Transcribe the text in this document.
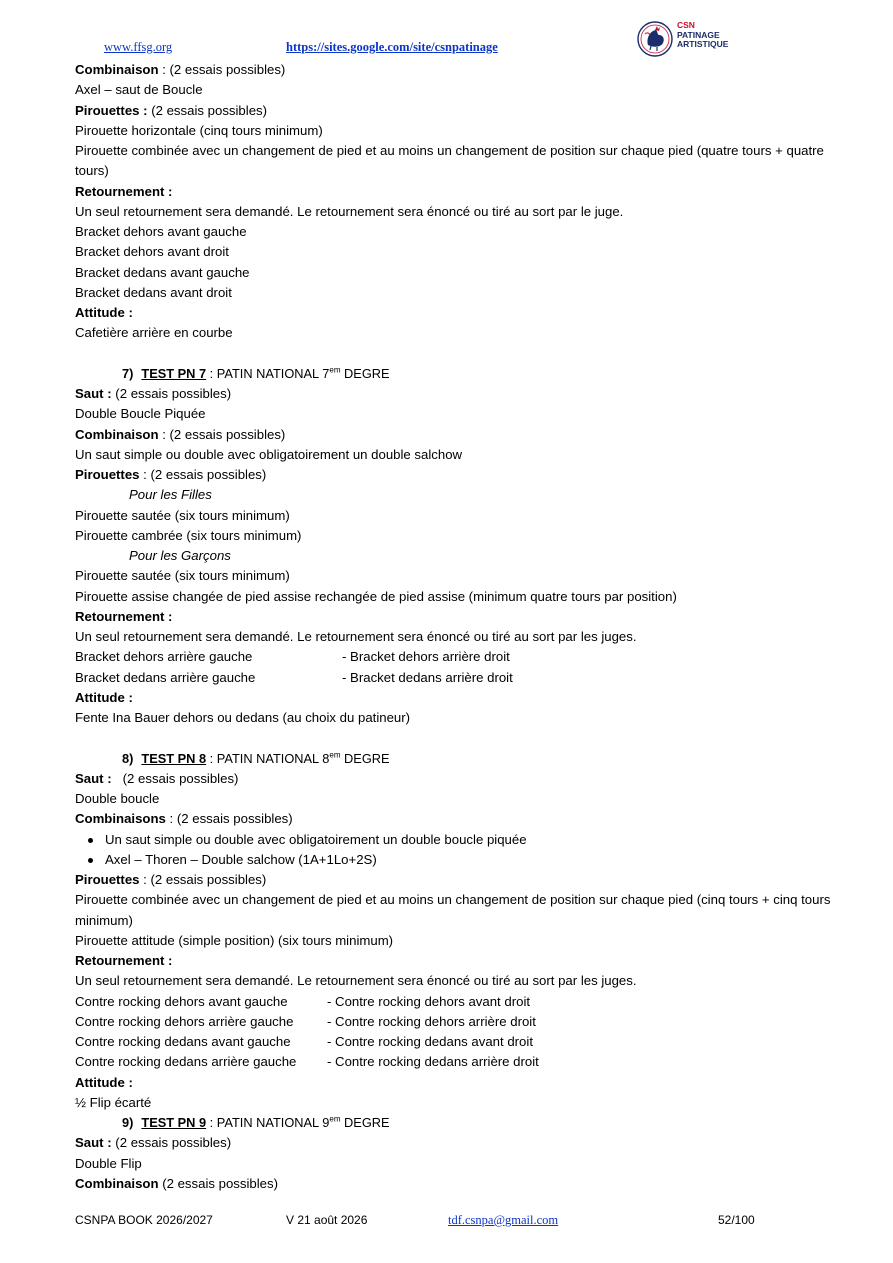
www.ffsg.org	https://sites.google.com/site/csnpatinage
CSN
PATINAGE
ARTISTIQUE
Combinaison : (2 essais possibles)
Axel – saut de Boucle
Pirouettes : (2 essais possibles)
Pirouette horizontale (cinq tours minimum)
Pirouette combinée avec un changement de pied et au moins un changement de position sur chaque pied (quatre tours + quatre tours)
Retournement :
Un seul retournement sera demandé. Le retournement sera énoncé ou tiré au sort par le juge.
Bracket dehors avant gauche
Bracket dehors avant droit
Bracket dedans avant gauche
Bracket dedans avant droit
Attitude :
Cafetière arrière en courbe
7) TEST PN 7 : PATIN NATIONAL $7^{em}$ DEGRE
Saut : (2 essais possibles)
Double Boucle Piquée
Combinaison : (2 essais possibles)
Un saut simple ou double avec obligatoirement un double salchow
Pirouettes : (2 essais possibles)
Pour les Filles
Pirouette sautée (six tours minimum)
Pirouette cambrée (six tours minimum)
Pour les Garçons
Pirouette sautée (six tours minimum)
Pirouette assise changée de pied assise rechangée de pied assise (minimum quatre tours par position)
Retournement :
Un seul retournement sera demandé. Le retournement sera énoncé ou tiré au sort par les juges.
Bracket dehors arrière gauche	- Bracket dehors arrière droit
Bracket dedans arrière gauche	- Bracket dedans arrière droit
Attitude :
Fente Ina Bauer dehors ou dedans (au choix du patineur)
8) TEST PN 8 : PATIN NATIONAL $8^{em}$ DEGRE
Saut :   (2 essais possibles)
Double boucle
Combinaisons : (2 essais possibles)
Un saut simple ou double avec obligatoirement un double boucle piquée
Axel – Thoren – Double salchow (1A+1Lo+2S)
Pirouettes : (2 essais possibles)
Pirouette combinée avec un changement de pied et au moins un changement de position sur chaque pied (cinq tours + cinq tours minimum)
Pirouette attitude (simple position) (six tours minimum)
Retournement :
Un seul retournement sera demandé. Le retournement sera énoncé ou tiré au sort par les juges.
Contre rocking dehors avant gauche	- Contre rocking dehors avant droit
Contre rocking dehors arrière gauche	- Contre rocking dehors arrière droit
Contre rocking dedans avant gauche	- Contre rocking dedans avant droit
Contre rocking dedans arrière gauche	- Contre rocking dedans arrière droit
Attitude :
½ Flip écarté
9) TEST PN 9 : PATIN NATIONAL $9^{em}$ DEGRE
Saut : (2 essais possibles)
Double Flip
Combinaison (2 essais possibles)
CSNPA BOOK 2026/2027	V 21 août 2026	tdf.csnpa@gmail.com	52/100
